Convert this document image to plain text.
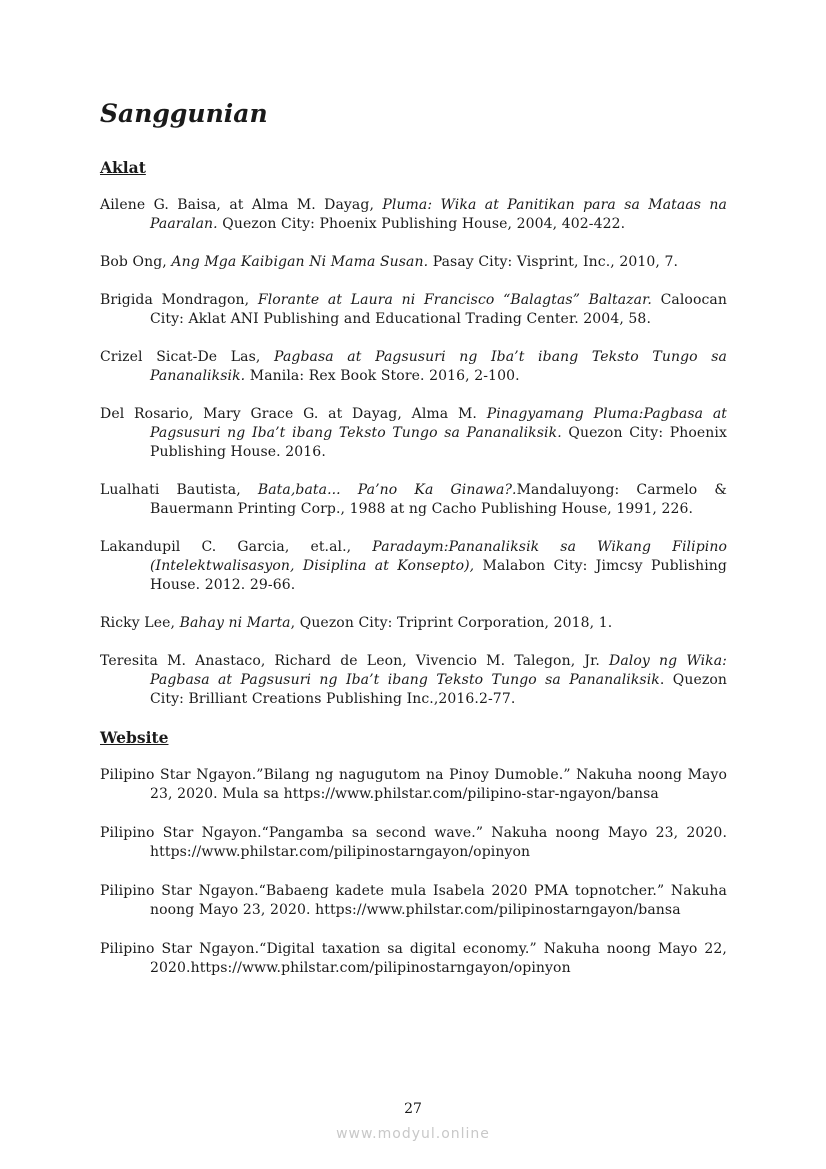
Sanggunian
Aklat

Ailene G. Baisa, at Alma M. Dayag, Pluma: Wika at Panitikan para sa Mataas na Paaralan. Quezon City: Phoenix Publishing House, 2004, 402-422.

Bob Ong, Ang Mga Kaibigan Ni Mama Susan. Pasay City: Visprint, Inc., 2010, 7.

Brigida Mondragon, Florante at Laura ni Francisco “Balagtas” Baltazar. Caloocan City: Aklat ANI Publishing and Educational Trading Center. 2004, 58.

Crizel Sicat-De Las, Pagbasa at Pagsusuri ng Iba’t ibang Teksto Tungo sa Pananaliksik. Manila: Rex Book Store. 2016, 2-100.

Del Rosario, Mary Grace G. at Dayag, Alma M. Pinagyamang Pluma:Pagbasa at Pagsusuri ng Iba’t ibang Teksto Tungo sa Pananaliksik. Quezon City: Phoenix Publishing House. 2016.

Lualhati Bautista, Bata,bata... Pa’no Ka Ginawa?.Mandaluyong: Carmelo & Bauermann Printing Corp., 1988 at ng Cacho Publishing House, 1991, 226.

Lakandupil C. Garcia, et.al., Paradaym:Pananaliksik sa Wikang Filipino (Intelektwalisasyon, Disiplina at Konsepto), Malabon City: Jimcsy Publishing House. 2012. 29-66.

Ricky Lee, Bahay ni Marta, Quezon City: Triprint Corporation, 2018, 1.

Teresita M. Anastaco, Richard de Leon, Vivencio M. Talegon, Jr. Daloy ng Wika: Pagbasa at Pagsusuri ng Iba’t ibang Teksto Tungo sa Pananaliksik. Quezon City: Brilliant Creations Publishing Inc.,2016.2-77.

Website

Pilipino Star Ngayon.”Bilang ng nagugutom na Pinoy Dumoble.” Nakuha noong Mayo 23, 2020. Mula sa https://www.philstar.com/pilipino-star-ngayon/bansa

Pilipino Star Ngayon.“Pangamba sa second wave.” Nakuha noong Mayo 23, 2020. https://www.philstar.com/pilipinostarngayon/opinyon

Pilipino Star Ngayon.“Babaeng kadete mula Isabela 2020 PMA topnotcher.” Nakuha noong Mayo 23, 2020. https://www.philstar.com/pilipinostarngayon/bansa

Pilipino Star Ngayon.“Digital taxation sa digital economy.” Nakuha noong Mayo 22, 2020.https://www.philstar.com/pilipinostarngayon/opinyon

27
www.modyul.online
